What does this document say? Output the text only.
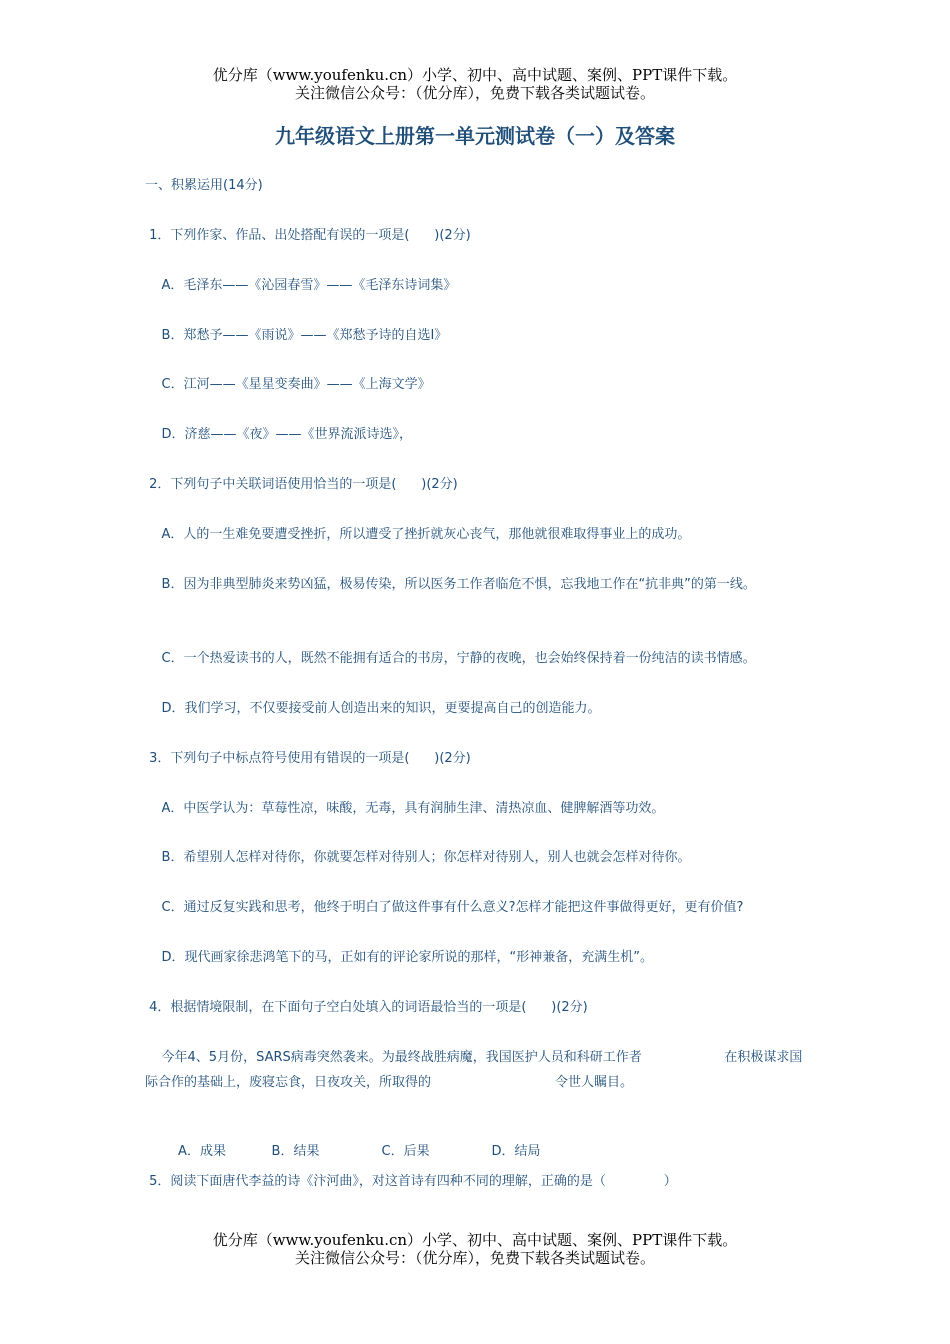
优分库（www.youfenku.cn）小学、初中、高中试题、案例、PPT课件下载。
关注微信公众号：（优分库），免费下载各类试题试卷。
九年级语文上册第一单元测试卷（一）及答案
一、积累运用(14分)
1．下列作家、作品、出处搭配有误的一项是(      )(2分)
A．毛泽东——《沁园春雪》——《毛泽东诗词集》
B．郑愁予——《雨说》——《郑愁予诗的自选Ⅰ》
C．江河——《星星变奏曲》——《上海文学》
D．济慈——《夜》——《世界流派诗选》，
2．下列句子中关联词语使用恰当的一项是(      )(2分)
A．人的一生难免要遭受挫折，所以遭受了挫折就灰心丧气，那他就很难取得事业上的成功。
B．因为非典型肺炎来势凶猛，极易传染，所以医务工作者临危不惧，忘我地工作在“抗非典”的第一线。
C．一个热爱读书的人，既然不能拥有适合的书房，宁静的夜晚，也会始终保持着一份纯洁的读书情感。
D．我们学习，不仅要接受前人创造出来的知识，更要提高自己的创造能力。
3．下列句子中标点符号使用有错误的一项是(      )(2分)
A．中医学认为：草莓性凉，味酸，无毒，具有润肺生津、清热凉血、健脾解酒等功效。
B．希望别人怎样对待你，你就要怎样对待别人；你怎样对待别人，别人也就会怎样对待你。
C．通过反复实践和思考，他终于明白了做这件事有什么意义?怎样才能把这件事做得更好，更有价值?
D．现代画家徐悲鸿笔下的马，正如有的评论家所说的那样，“形神兼备，充满生机”。
4．根据情境限制，在下面句子空白处填入的词语最恰当的一项是(      )(2分)
今年4、5月份，SARS病毒突然袭来。为最终战胜病魔，我国医护人员和科研工作者                    在积极谋求国际合作的基础上，废寝忘食，日夜攻关，所取得的                              令世人瞩目。

A．成果	B．结果	C．后果	D．结局

5．阅读下面唐代李益的诗《汴河曲》，对这首诗有四种不同的理解，正确的是（              ）
优分库（www.youfenku.cn）小学、初中、高中试题、案例、PPT课件下载。
关注微信公众号：（优分库），免费下载各类试题试卷。
